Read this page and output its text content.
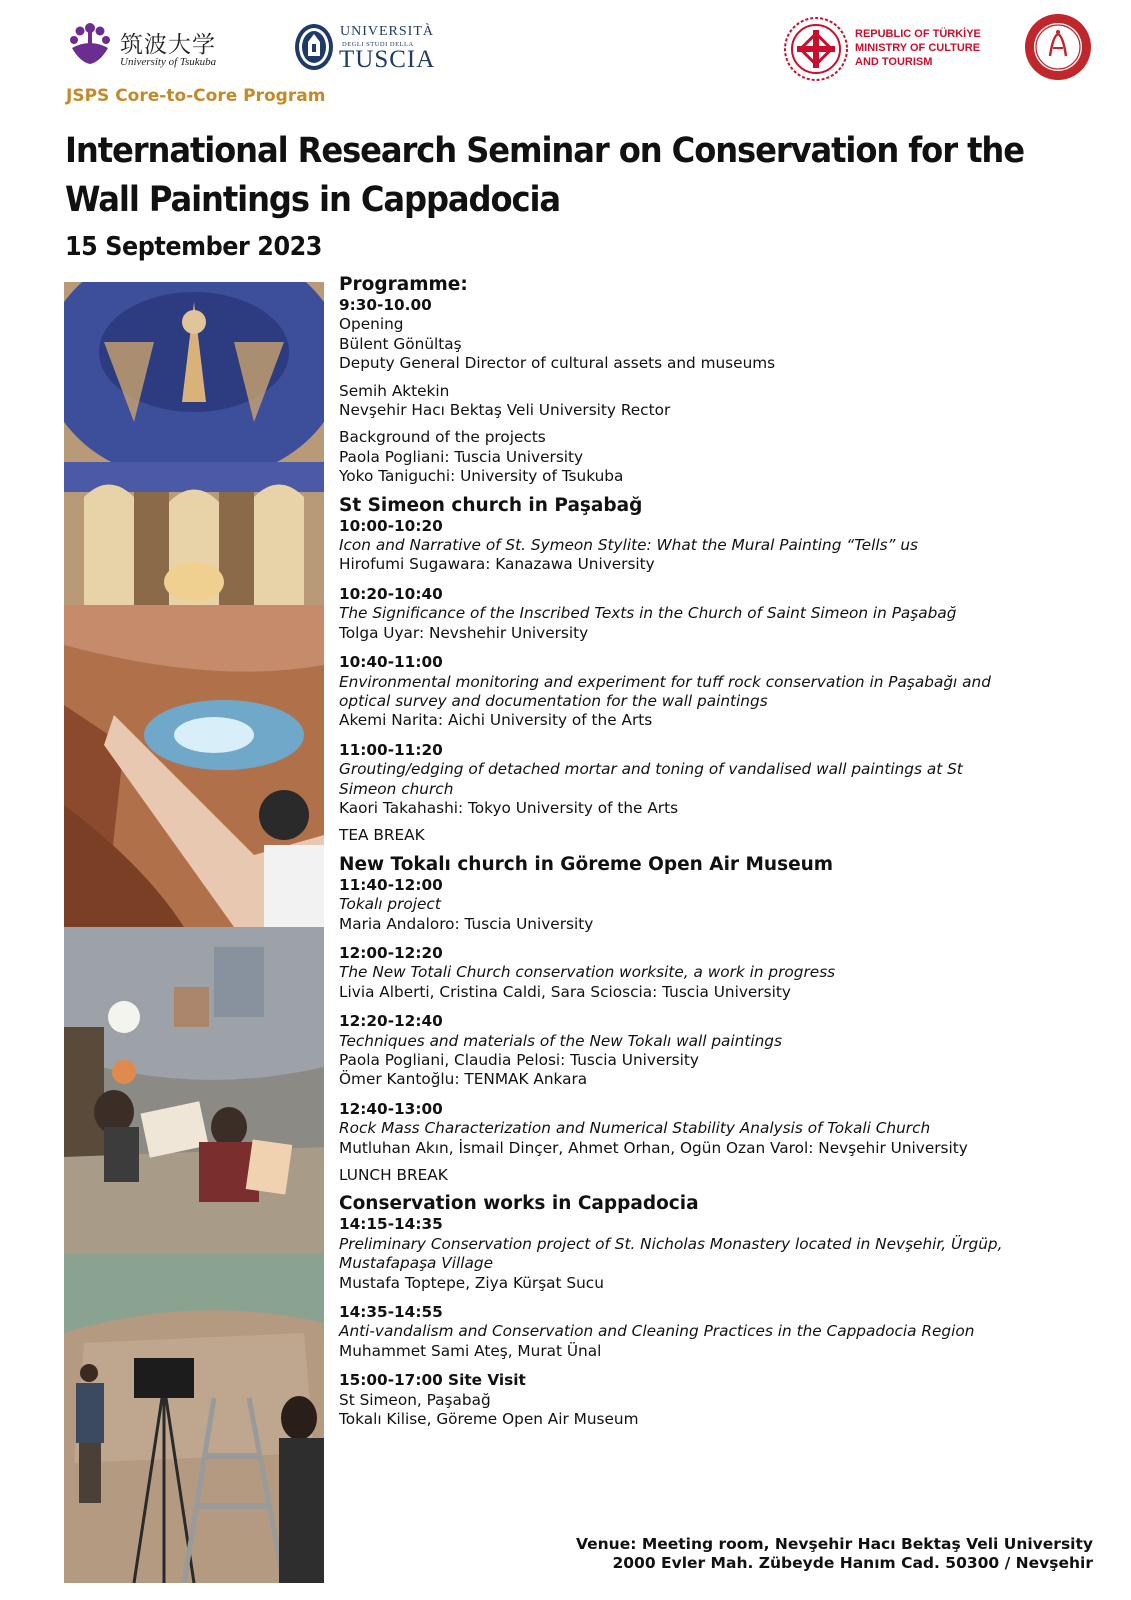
筑波大学
University of Tsukuba
UNIVERSITÀ
DEGLI STUDI DELLA
TUSCIA
REPUBLIC OF TÜRKİYE
MINISTRY OF CULTURE
AND TOURISM
JSPS Core-to-Core Program
International Research Seminar on Conservation for the Wall Paintings in Cappadocia
15 September 2023
Programme:
9:30-10.00
Opening
Bülent Gönültaş
Deputy General Director of cultural assets and museums
Semih Aktekin
Nevşehir Hacı Bektaş Veli University Rector
Background of the projects
Paola Pogliani: Tuscia University
Yoko Taniguchi: University of Tsukuba
St Simeon church in Paşabağ
10:00-10:20
Icon and Narrative of St. Symeon Stylite: What the Mural Painting “Tells” us
Hirofumi Sugawara: Kanazawa University
10:20-10:40
The Significance of the Inscribed Texts in the Church of Saint Simeon in Paşabağ
Tolga Uyar: Nevshehir University
10:40-11:00
Environmental monitoring and experiment for tuff rock conservation in Paşabağı and optical survey and documentation for the wall paintings
Akemi Narita: Aichi University of the Arts
11:00-11:20
Grouting/edging of detached mortar and toning of vandalised wall paintings at St Simeon church
Kaori Takahashi: Tokyo University of the Arts
TEA BREAK
New Tokalı church in Göreme Open Air Museum
11:40-12:00
Tokalı project
Maria Andaloro: Tuscia University
12:00-12:20
The New Totali Church conservation worksite, a work in progress
Livia Alberti, Cristina Caldi, Sara Scioscia: Tuscia University
12:20-12:40
Techniques and materials of the New Tokalı wall paintings
Paola Pogliani, Claudia Pelosi: Tuscia University
Ömer Kantoğlu: TENMAK Ankara
12:40-13:00
Rock Mass Characterization and Numerical Stability Analysis of Tokali Church
Mutluhan Akın, İsmail Dinçer, Ahmet Orhan, Ogün Ozan Varol: Nevşehir University
LUNCH BREAK
Conservation works in Cappadocia
14:15-14:35
Preliminary Conservation project of St. Nicholas Monastery located in Nevşehir, Ürgüp, Mustafapaşa Village
Mustafa Toptepe, Ziya Kürşat Sucu
14:35-14:55
Anti-vandalism and Conservation and Cleaning Practices in the Cappadocia Region
Muhammet Sami Ateş, Murat Ünal
15:00-17:00 Site Visit
St Simeon, Paşabağ
Tokalı Kilise, Göreme Open Air Museum
Venue: Meeting room, Nevşehir Hacı Bektaş Veli University
2000 Evler Mah. Zübeyde Hanım Cad. 50300 / Nevşehir
